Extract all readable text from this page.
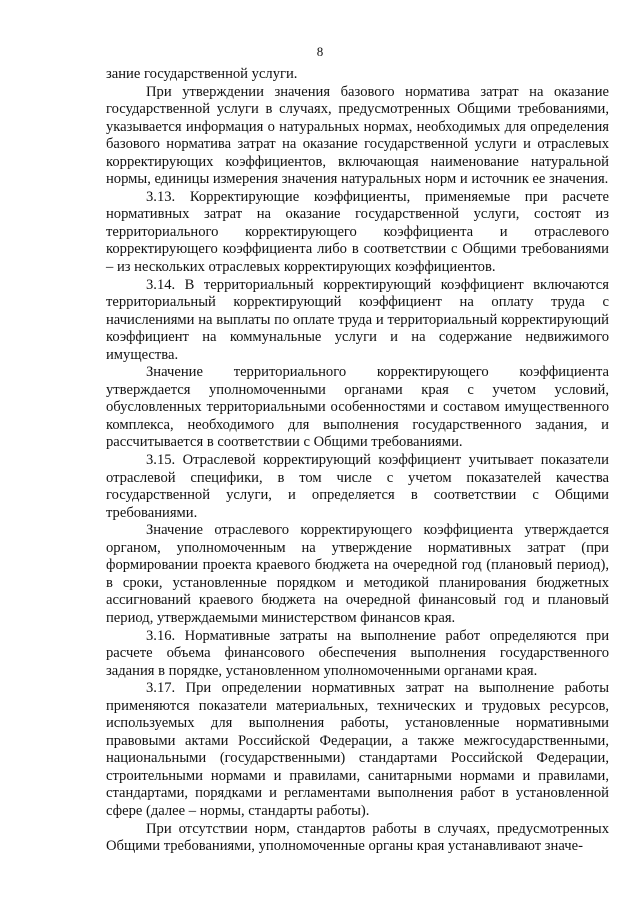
8

зание государственной услуги.

При утверждении значения базового норматива затрат на оказание государственной услуги в случаях, предусмотренных Общими требованиями, указывается информация о натуральных нормах, необходимых для определения базового норматива затрат на оказание государственной услуги и отраслевых корректирующих коэффициентов, включающая наименование натуральной нормы, единицы измерения значения натуральных норм и источник ее значения.

3.13. Корректирующие коэффициенты, применяемые при расчете нормативных затрат на оказание государственной услуги, состоят из территориального корректирующего коэффициента и отраслевого корректирующего коэффициента либо в соответствии с Общими требованиями – из нескольких отраслевых корректирующих коэффициентов.

3.14. В территориальный корректирующий коэффициент включаются территориальный корректирующий коэффициент на оплату труда с начислениями на выплаты по оплате труда и территориальный корректирующий коэффициент на коммунальные услуги и на содержание недвижимого имущества.

Значение территориального корректирующего коэффициента утверждается уполномоченными органами края с учетом условий, обусловленных территориальными особенностями и составом имущественного комплекса, необходимого для выполнения государственного задания, и рассчитывается в соответствии с Общими требованиями.

3.15. Отраслевой корректирующий коэффициент учитывает показатели отраслевой специфики, в том числе с учетом показателей качества государственной услуги, и определяется в соответствии с Общими требованиями.

Значение отраслевого корректирующего коэффициента утверждается органом, уполномоченным на утверждение нормативных затрат (при формировании проекта краевого бюджета на очередной год (плановый период), в сроки, установленные порядком и методикой планирования бюджетных ассигнований краевого бюджета на очередной финансовый год и плановый период, утверждаемыми министерством финансов края.

3.16. Нормативные затраты на выполнение работ определяются при расчете объема финансового обеспечения выполнения государственного задания в порядке, установленном уполномоченными органами края.

3.17. При определении нормативных затрат на выполнение работы применяются показатели материальных, технических и трудовых ресурсов, используемых для выполнения работы, установленные нормативными правовыми актами Российской Федерации, а также межгосударственными, национальными (государственными) стандартами Российской Федерации, строительными нормами и правилами, санитарными нормами и правилами, стандартами, порядками и регламентами выполнения работ в установленной сфере (далее – нормы, стандарты работы).

При отсутствии норм, стандартов работы в случаях, предусмотренных Общими требованиями, уполномоченные органы края устанавливают значе-
